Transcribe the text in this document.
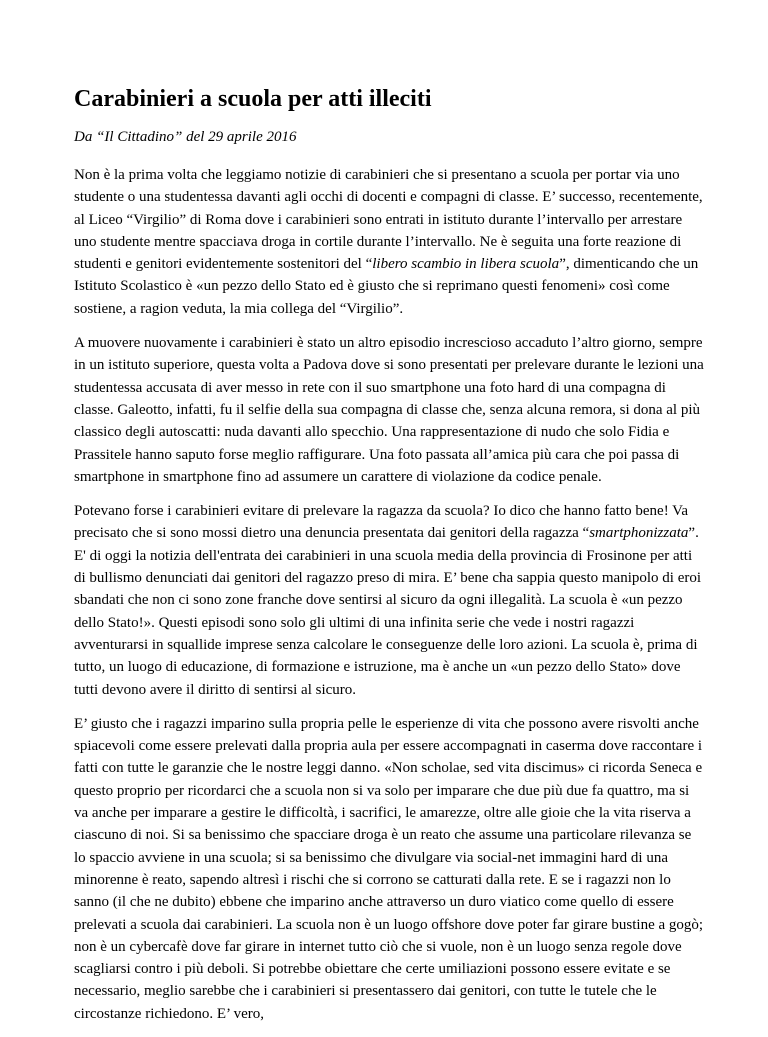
Carabinieri a scuola per atti illeciti
Da “Il Cittadino” del 29 aprile 2016

Non è la prima volta che leggiamo notizie di carabinieri che si presentano a scuola per portar via uno studente o una studentessa davanti agli occhi di docenti e compagni di classe. E’ successo, recentemente, al Liceo “Virgilio” di Roma dove i carabinieri sono entrati in istituto durante l’intervallo per arrestare uno studente mentre spacciava droga in cortile durante l’intervallo. Ne è seguita una forte reazione di studenti e genitori evidentemente sostenitori del “libero scambio in libera scuola”, dimenticando che un Istituto Scolastico è «un pezzo dello Stato ed è giusto che si reprimano questi fenomeni» così come sostiene, a ragion veduta, la mia collega del “Virgilio”.

A muovere nuovamente i carabinieri è stato un altro episodio increscioso accaduto l’altro giorno, sempre in un istituto superiore, questa volta a Padova dove si sono presentati per prelevare durante le lezioni una studentessa accusata di aver messo in rete con il suo smartphone una foto hard di una compagna di classe. Galeotto, infatti, fu il selfie della sua compagna di classe che, senza alcuna remora, si dona al più classico degli autoscatti: nuda davanti allo specchio. Una rappresentazione di nudo che solo Fidia e Prassitele hanno saputo forse meglio raffigurare. Una foto passata all’amica più cara che poi passa di smartphone in smartphone fino ad assumere un carattere di violazione da codice penale.

Potevano forse i carabinieri evitare di prelevare la ragazza da scuola? Io dico che hanno fatto bene! Va precisato che si sono mossi dietro una denuncia presentata dai genitori della ragazza “smartphonizzata”. E' di oggi la notizia dell'entrata dei carabinieri in una scuola media della provincia di Frosinone per atti di bullismo denunciati dai genitori del ragazzo preso di mira. E’ bene cha sappia questo manipolo di eroi sbandati che non ci sono zone franche dove sentirsi al sicuro da ogni illegalità. La scuola è «un pezzo dello Stato!». Questi episodi sono solo gli ultimi di una infinita serie che vede i nostri ragazzi avventurarsi in squallide imprese senza calcolare le conseguenze delle loro azioni. La scuola è, prima di tutto, un luogo di educazione, di formazione e istruzione, ma è anche un «un pezzo dello Stato» dove tutti devono avere il diritto di sentirsi al sicuro.

E’ giusto che i ragazzi imparino sulla propria pelle le esperienze di vita che possono avere risvolti anche spiacevoli come essere prelevati dalla propria aula per essere accompagnati in caserma dove raccontare i fatti con tutte le garanzie che le nostre leggi danno. «Non scholae, sed vita discimus» ci ricorda Seneca e questo proprio per ricordarci che a scuola non si va solo per imparare che due più due fa quattro, ma si va anche per imparare a gestire le difficoltà, i sacrifici, le amarezze, oltre alle gioie che la vita riserva a ciascuno di noi. Si sa benissimo che spacciare droga è un reato che assume una particolare rilevanza se lo spaccio avviene in una scuola; si sa benissimo che divulgare via social-net immagini hard di una minorenne è reato, sapendo altresì i rischi che si corrono se catturati dalla rete. E se i ragazzi non lo sanno (il che ne dubito) ebbene che imparino anche attraverso un duro viatico come quello di essere prelevati a scuola dai carabinieri. La scuola non è un luogo offshore dove poter far girare bustine a gogò; non è un cybercafè dove far girare in internet tutto ciò che si vuole, non è un luogo senza regole dove scagliarsi contro i più deboli. Si potrebbe obiettare che certe umiliazioni possono essere evitate e se necessario, meglio sarebbe che i carabinieri si presentassero dai genitori, con tutte le tutele che le circostanze richiedono. E’ vero,
